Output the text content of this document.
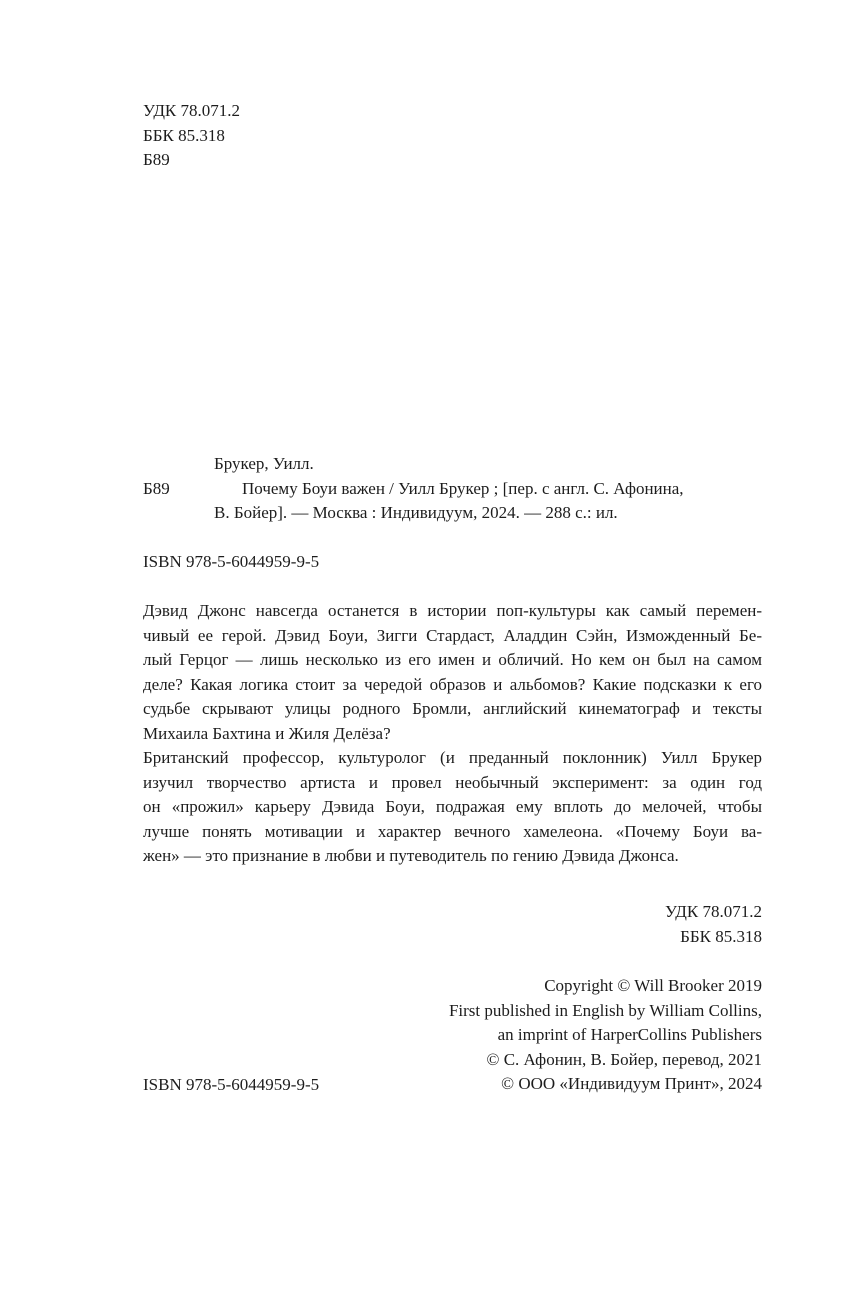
УДК 78.071.2
ББК 85.318
Б89
Брукер, Уилл.
Б89	Почему Боуи важен / Уилл Брукер ; [пер. с англ. С. Афонина,
В. Бойер]. — Москва : Индивидуум, 2024. — 288 с.: ил.
ISBN 978-5-6044959-9-5
Дэвид Джонс навсегда останется в истории поп-культуры как самый перемен-
чивый ее герой. Дэвид Боуи, Зигги Стардаст, Аладдин Сэйн, Изможденный Бе-
лый Герцог — лишь несколько из его имен и обличий. Но кем он был на самом
деле? Какая логика стоит за чередой образов и альбомов? Какие подсказки к его
судьбе скрывают улицы родного Бромли, английский кинематограф и тексты
Михаила Бахтина и Жиля Делёза?
Британский профессор, культуролог (и преданный поклонник) Уилл Брукер
изучил творчество артиста и провел необычный эксперимент: за один год
он «прожил» карьеру Дэвида Боуи, подражая ему вплоть до мелочей, чтобы
лучше понять мотивации и характер вечного хамелеона. «Почему Боуи ва-
жен» — это признание в любви и путеводитель по гению Дэвида Джонса.
УДК 78.071.2
ББК 85.318
Copyright © Will Brooker 2019
First published in English by William Collins,
an imprint of HarperCollins Publishers
© С. Афонин, В. Бойер, перевод, 2021
© ООО «Индивидуум Принт», 2024
ISBN 978-5-6044959-9-5
